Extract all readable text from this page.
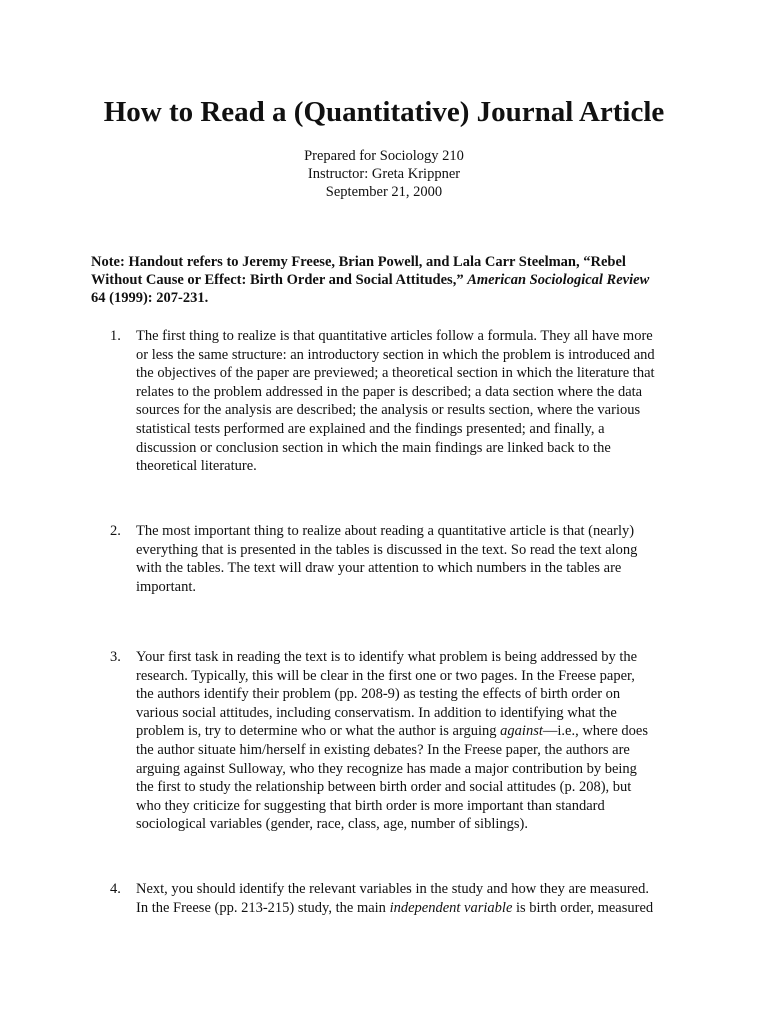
How to Read a (Quantitative) Journal Article
Prepared for Sociology 210
Instructor: Greta Krippner
September 21, 2000
Note: Handout refers to Jeremy Freese, Brian Powell, and Lala Carr Steelman, “Rebel
Without Cause or Effect: Birth Order and Social Attitudes,” American Sociological Review
64 (1999): 207-231.
1. The first thing to realize is that quantitative articles follow a formula. They all have more
or less the same structure: an introductory section in which the problem is introduced and
the objectives of the paper are previewed; a theoretical section in which the literature that
relates to the problem addressed in the paper is described; a data section where the data
sources for the analysis are described; the analysis or results section, where the various
statistical tests performed are explained and the findings presented; and finally, a
discussion or conclusion section in which the main findings are linked back to the
theoretical literature.
2. The most important thing to realize about reading a quantitative article is that (nearly)
everything that is presented in the tables is discussed in the text. So read the text along
with the tables. The text will draw your attention to which numbers in the tables are
important.
3. Your first task in reading the text is to identify what problem is being addressed by the
research. Typically, this will be clear in the first one or two pages. In the Freese paper,
the authors identify their problem (pp. 208-9) as testing the effects of birth order on
various social attitudes, including conservatism. In addition to identifying what the
problem is, try to determine who or what the author is arguing against—i.e., where does
the author situate him/herself in existing debates? In the Freese paper, the authors are
arguing against Sulloway, who they recognize has made a major contribution by being
the first to study the relationship between birth order and social attitudes (p. 208), but
who they criticize for suggesting that birth order is more important than standard
sociological variables (gender, race, class, age, number of siblings).
4. Next, you should identify the relevant variables in the study and how they are measured.
In the Freese (pp. 213-215) study, the main independent variable is birth order, measured
